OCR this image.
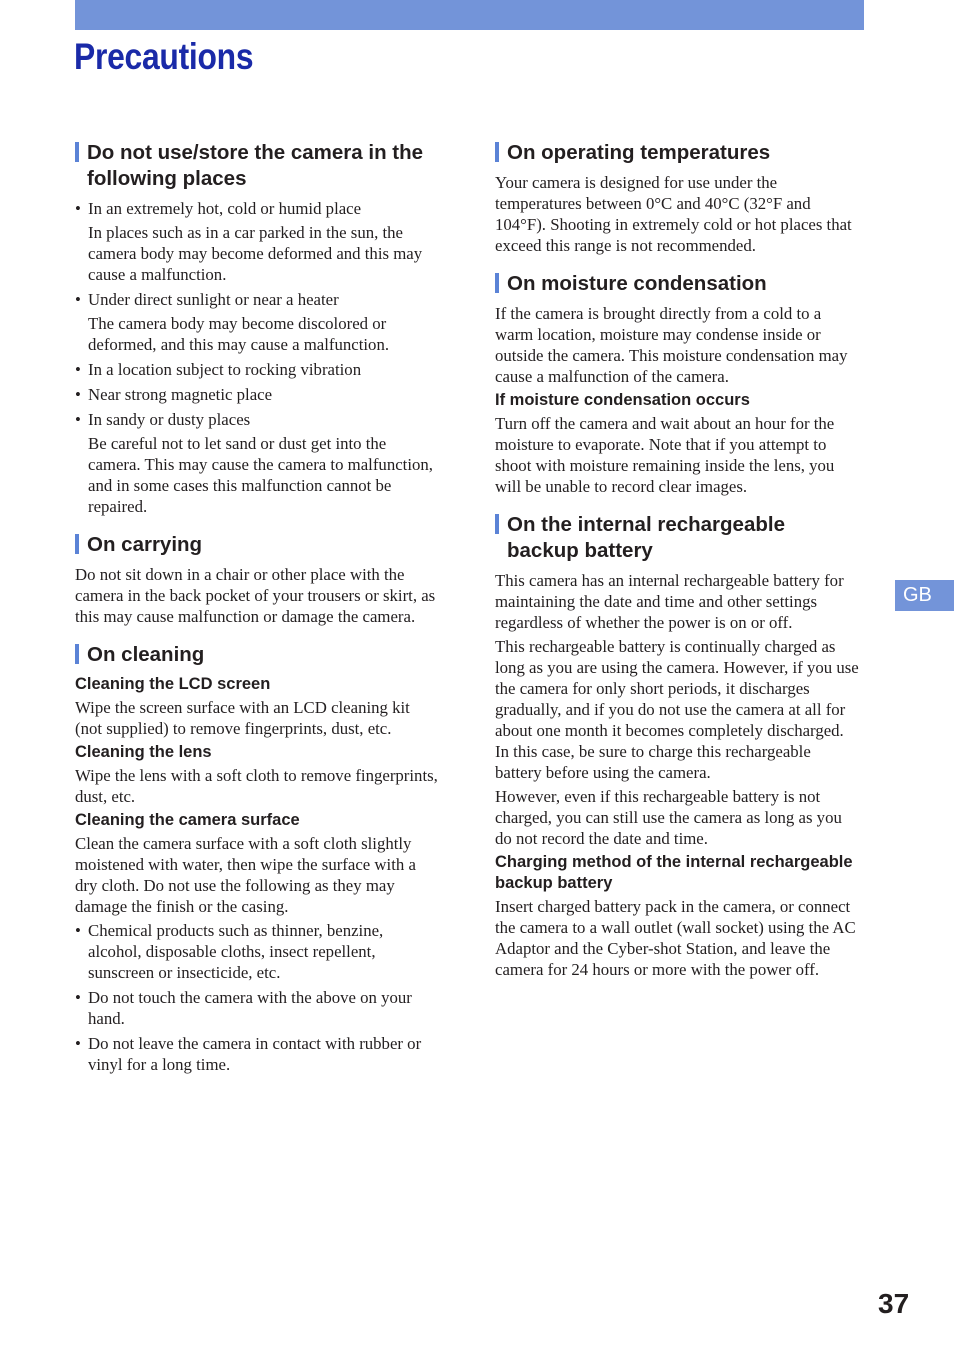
Precautions
Do not use/store the camera in the following places
• In an extremely hot, cold or humid place
In places such as in a car parked in the sun, the camera body may become deformed and this may cause a malfunction.
• Under direct sunlight or near a heater
The camera body may become discolored or deformed, and this may cause a malfunction.
• In a location subject to rocking vibration
• Near strong magnetic place
• In sandy or dusty places
Be careful not to let sand or dust get into the camera. This may cause the camera to malfunction, and in some cases this malfunction cannot be repaired.
On carrying

Do not sit down in a chair or other place with the camera in the back pocket of your trousers or skirt, as this may cause malfunction or damage the camera.

On cleaning
Cleaning the LCD screen

Wipe the screen surface with an LCD cleaning kit (not supplied) to remove fingerprints, dust, etc.

Cleaning the lens

Wipe the lens with a soft cloth to remove fingerprints, dust, etc.

Cleaning the camera surface

Clean the camera surface with a soft cloth slightly moistened with water, then wipe the surface with a dry cloth. Do not use the following as they may damage the finish or the casing.

• Chemical products such as thinner, benzine, alcohol, disposable cloths, insect repellent, sunscreen or insecticide, etc.
• Do not touch the camera with the above on your hand.
• Do not leave the camera in contact with rubber or vinyl for a long time.
On operating temperatures

Your camera is designed for use under the temperatures between 0°C and 40°C (32°F and 104°F). Shooting in extremely cold or hot places that exceed this range is not recommended.

On moisture condensation

If the camera is brought directly from a cold to a warm location, moisture may condense inside or outside the camera. This moisture condensation may cause a malfunction of the camera.

If moisture condensation occurs

Turn off the camera and wait about an hour for the moisture to evaporate. Note that if you attempt to shoot with moisture remaining inside the lens, you will be unable to record clear images.

On the internal rechargeable backup battery

This camera has an internal rechargeable battery for maintaining the date and time and other settings regardless of whether the power is on or off.

This rechargeable battery is continually charged as long as you are using the camera. However, if you use the camera for only short periods, it discharges gradually, and if you do not use the camera at all for about one month it becomes completely discharged. In this case, be sure to charge this rechargeable battery before using the camera.

However, even if this rechargeable battery is not charged, you can still use the camera as long as you do not record the date and time.

Charging method of the internal rechargeable backup battery

Insert charged battery pack in the camera, or connect the camera to a wall outlet (wall socket) using the AC Adaptor and the Cyber-shot Station, and leave the camera for 24 hours or more with the power off.

GB
37
